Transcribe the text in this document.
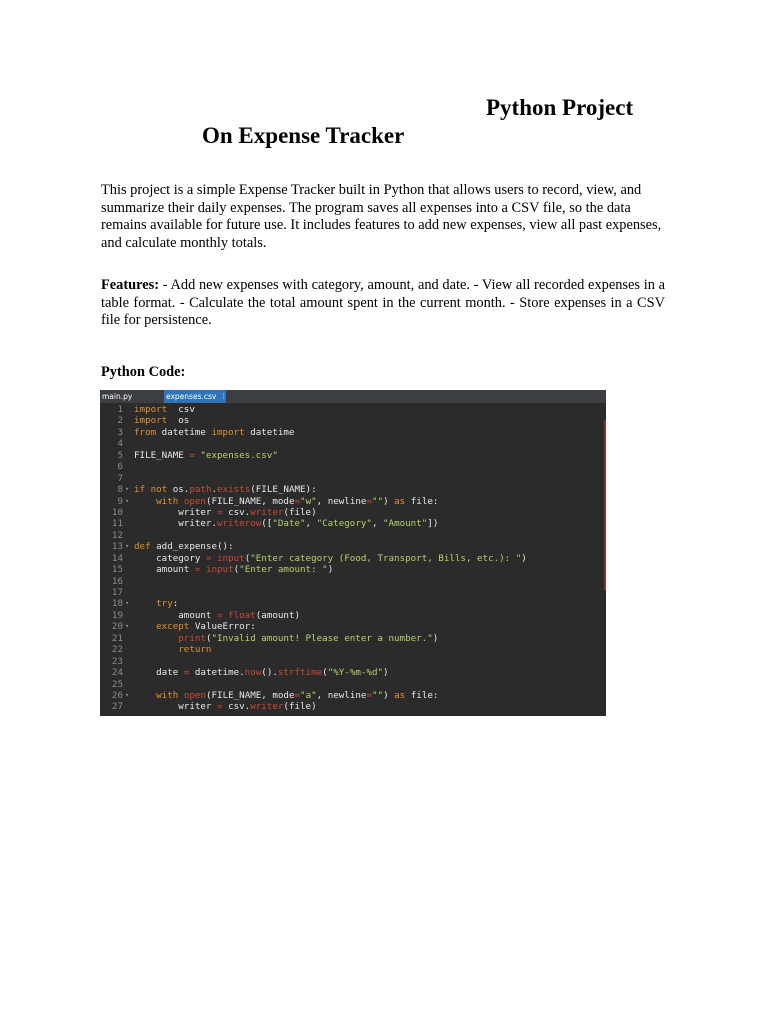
Python Project
On Expense Tracker

This project is a simple Expense Tracker built in Python that allows users to record, view, and summarize their daily expenses. The program saves all expenses into a CSV file, so the data remains available for future use. It includes features to add new expenses, view all past expenses, and calculate monthly totals.

Features: - Add new expenses with category, amount, and date. - View all recorded expenses in a table format. - Calculate the total amount spent in the current month. - Store expenses in a CSV file for persistence.

Python Code:
main.py	expenses.csv ⋮
1 import  csv
2 import  os
3 from datetime import datetime
4
5 FILE_NAME = "expenses.csv"
6
7
8 ▾ if not os.path.exists(FILE_NAME):
9 ▾	with open(FILE_NAME, mode="w", newline="") as file:
10 writer = csv.writer(file)
11 writer.writerow(["Date", "Category", "Amount"])
12
13 ▾ def add_expense():
14 category = input("Enter category (Food, Transport, Bills, etc.): ")
15 amount = input("Enter amount: ")
16
17
18 ▾	try:
19 amount = float(amount)
20 ▾	except ValueError:
21	print("Invalid amount! Please enter a number.")
22	return
23
24 date = datetime.now().strftime("%Y-%m-%d")
25
26 ▾	with open(FILE_NAME, mode="a", newline="") as file:
27 writer = csv.writer(file)
